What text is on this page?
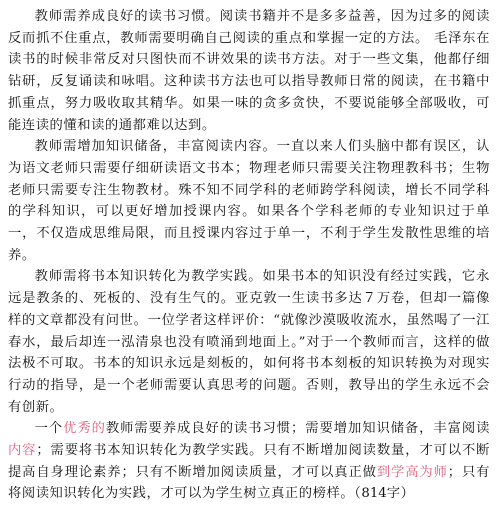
教师需养成良好的读书习惯。阅读书籍并不是多多益善，因为过多的阅读反而抓不住重点，教师需要明确自己阅读的重点和掌握一定的方法。 毛泽东在读书的时候非常反对只图快而不讲效果的读书方法。对于一些文集，他都仔细钻研，反复诵读和咏唱。这种读书方法也可以指导教师日常的阅读，在书籍中抓重点，努力吸收取其精华。如果一味的贪多贪快，不要说能够全部吸收，可能连读的懂和读的通都难以达到。

教师需增加知识储备，丰富阅读内容。一直以来人们头脑中都有误区，认为语文老师只需要仔细研读语文书本；物理老师只需要关注物理教科书；生物老师只需要专注生物教材。殊不知不同学科的老师跨学科阅读，增长不同学科的学科知识，可以更好增加授课内容。如果各个学科老师的专业知识过于单一，不仅造成思维局限，而且授课内容过于单一，不利于学生发散性思维的培养。

教师需将书本知识转化为教学实践。如果书本的知识没有经过实践，它永远是教条的、死板的、没有生气的。亚克敦一生读书多达７万卷，但却一篇像样的文章都没有问世。一位学者这样评价：“就像沙漠吸收流水，虽然喝了一江春水，最后却连一泓清泉也没有喷涌到地面上。”对于一个教师而言，这样的做法极不可取。书本的知识永远是刻板的，如何将书本刻板的知识转换为对现实行动的指导，是一个老师需要认真思考的问题。否则，教导出的学生永远不会有创新。

一个优秀的教师需要养成良好的读书习惯；需要增加知识储备，丰富阅读内容；需要将书本知识转化为教学实践。只有不断增加阅读数量，才可以不断提高自身理论素养；只有不断增加阅读质量，才可以真正做到学高为师；只有将阅读知识转化为实践，才可以为学生树立真正的榜样。（814字）
